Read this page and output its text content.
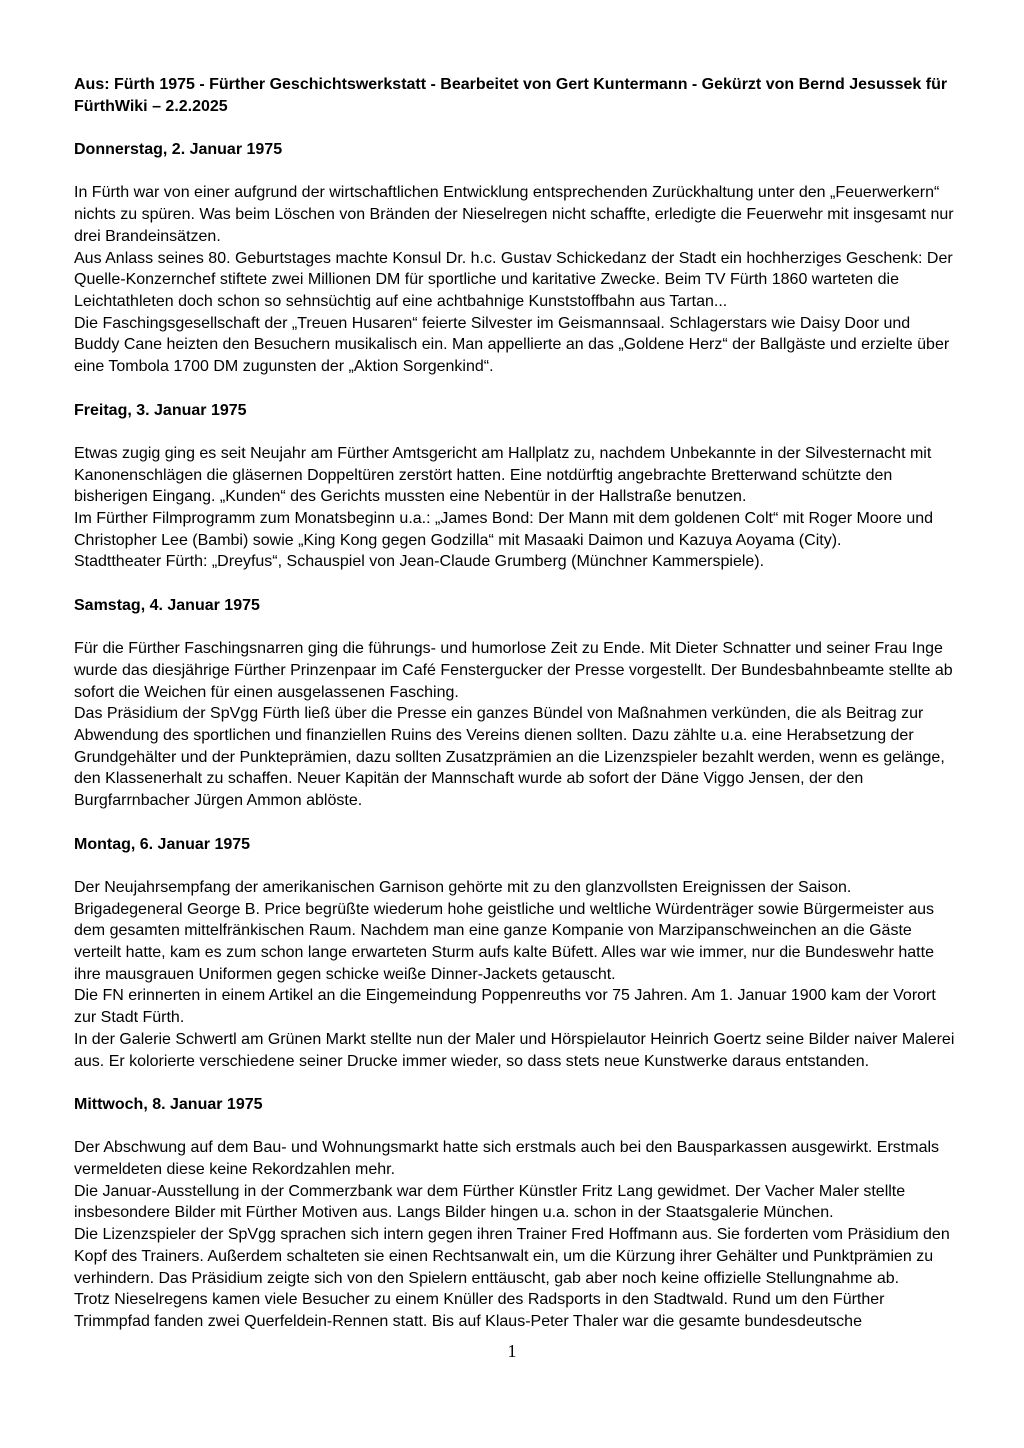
Aus: Fürth 1975 - Fürther Geschichtswerkstatt - Bearbeitet von Gert Kuntermann - Gekürzt von Bernd Jesussek für FürthWiki – 2.2.2025

Donnerstag, 2. Januar 1975

In Fürth war von einer aufgrund der wirtschaftlichen Entwicklung entsprechenden Zurückhaltung unter den „Feuerwerkern“ nichts zu spüren. Was beim Löschen von Bränden der Nieselregen nicht schaffte, erledigte die Feuerwehr mit insgesamt nur drei Brandeinsätzen.

Aus Anlass seines 80. Geburtstages machte Konsul Dr. h.c. Gustav Schickedanz der Stadt ein hochherziges Geschenk: Der Quelle-Konzernchef stiftete zwei Millionen DM für sportliche und karitative Zwecke. Beim TV Fürth 1860 warteten die Leichtathleten doch schon so sehnsüchtig auf eine achtbahnige Kunststoffbahn aus Tartan...

Die Faschingsgesellschaft der „Treuen Husaren“ feierte Silvester im Geismannsaal. Schlagerstars wie Daisy Door und Buddy Cane heizten den Besuchern musikalisch ein. Man appellierte an das „Goldene Herz“ der Ballgäste und erzielte über eine Tombola 1700 DM zugunsten der „Aktion Sorgenkind“.

Freitag, 3. Januar 1975

Etwas zugig ging es seit Neujahr am Fürther Amtsgericht am Hallplatz zu, nachdem Unbekannte in der Silvesternacht mit Kanonenschlägen die gläsernen Doppeltüren zerstört hatten. Eine notdürftig angebrachte Bretterwand schützte den bisherigen Eingang. „Kunden“ des Gerichts mussten eine Nebentür in der Hallstraße benutzen.

Im Fürther Filmprogramm zum Monatsbeginn u.a.: „James Bond: Der Mann mit dem goldenen Colt“ mit Roger Moore und Christopher Lee (Bambi) sowie „King Kong gegen Godzilla“ mit Masaaki Daimon und Kazuya Aoyama (City).

Stadttheater Fürth: „Dreyfus“, Schauspiel von Jean-Claude Grumberg (Münchner Kammerspiele).

Samstag, 4. Januar 1975

Für die Fürther Faschingsnarren ging die führungs- und humorlose Zeit zu Ende. Mit Dieter Schnatter und seiner Frau Inge wurde das diesjährige Fürther Prinzenpaar im Café Fenstergucker der Presse vorgestellt. Der Bundesbahnbeamte stellte ab sofort die Weichen für einen ausgelassenen Fasching.

Das Präsidium der SpVgg Fürth ließ über die Presse ein ganzes Bündel von Maßnahmen verkünden, die als Beitrag zur Abwendung des sportlichen und finanziellen Ruins des Vereins dienen sollten. Dazu zählte u.a. eine Herabsetzung der Grundgehälter und der Punkteprämien, dazu sollten Zusatzprämien an die Lizenzspieler bezahlt werden, wenn es gelänge, den Klassenerhalt zu schaffen. Neuer Kapitän der Mannschaft wurde ab sofort der Däne Viggo Jensen, der den Burgfarrnbacher Jürgen Ammon ablöste.

Montag, 6. Januar 1975

Der Neujahrsempfang der amerikanischen Garnison gehörte mit zu den glanzvollsten Ereignissen der Saison. Brigadegeneral George B. Price begrüßte wiederum hohe geistliche und weltliche Würdenträger sowie Bürgermeister aus dem gesamten mittelfränkischen Raum. Nachdem man eine ganze Kompanie von Marzipanschweinchen an die Gäste verteilt hatte, kam es zum schon lange erwarteten Sturm aufs kalte Büfett. Alles war wie immer, nur die Bundeswehr hatte ihre mausgrauen Uniformen gegen schicke weiße Dinner-Jackets getauscht.

Die FN erinnerten in einem Artikel an die Eingemeindung Poppenreuths vor 75 Jahren. Am 1. Januar 1900 kam der Vorort zur Stadt Fürth.

In der Galerie Schwertl am Grünen Markt stellte nun der Maler und Hörspielautor Heinrich Goertz seine Bilder naiver Malerei aus. Er kolorierte verschiedene seiner Drucke immer wieder, so dass stets neue Kunstwerke daraus entstanden.

Mittwoch, 8. Januar 1975

Der Abschwung auf dem Bau- und Wohnungsmarkt hatte sich erstmals auch bei den Bausparkassen ausgewirkt. Erstmals vermeldeten diese keine Rekordzahlen mehr.

Die Januar-Ausstellung in der Commerzbank war dem Fürther Künstler Fritz Lang gewidmet. Der Vacher Maler stellte insbesondere Bilder mit Fürther Motiven aus. Langs Bilder hingen u.a. schon in der Staatsgalerie München.

Die Lizenzspieler der SpVgg sprachen sich intern gegen ihren Trainer Fred Hoffmann aus. Sie forderten vom Präsidium den Kopf des Trainers. Außerdem schalteten sie einen Rechtsanwalt ein, um die Kürzung ihrer Gehälter und Punktprämien zu verhindern. Das Präsidium zeigte sich von den Spielern enttäuscht, gab aber noch keine offizielle Stellungnahme ab.

Trotz Nieselregens kamen viele Besucher zu einem Knüller des Radsports in den Stadtwald. Rund um den Fürther Trimmpfad fanden zwei Querfeldein-Rennen statt. Bis auf Klaus-Peter Thaler war die gesamte bundesdeutsche

1
